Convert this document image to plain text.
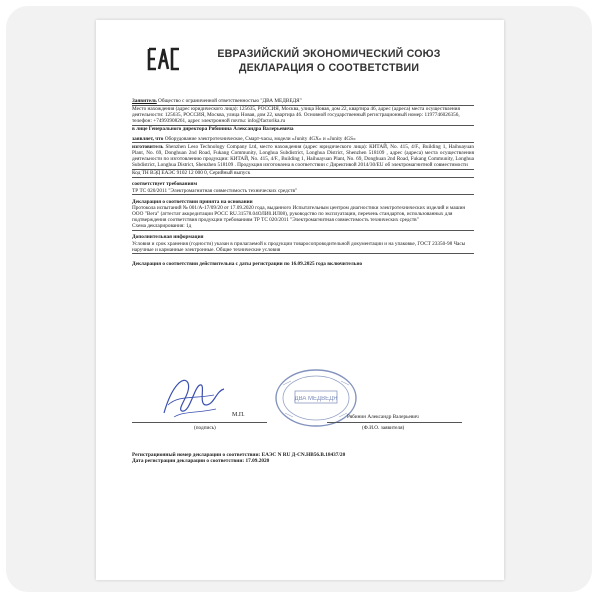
ЕВРАЗИЙСКИЙ ЭКОНОМИЧЕСКИЙ СОЮЗ
ДЕКЛАРАЦИЯ О СООТВЕТСТВИИ

Заявитель Общество с ограниченной ответственностью "ДВА МЕДВЕДЯ"

Место нахождения (адрес юридического лица): 125635, РОССИЯ, Москва, улица Новая, дом 22, квартира 46, адрес (адреса) места осуществления деятельности: 125635, РОССИЯ, Москва, улица Новая, дом 22, квартира 46. Основной государственный регистрационный номер: 1197746026356, телефон: +74993908261, адрес электронной почты: info@factorika.ru

в лице Генерального директора Рябинина Александра Валерьевича

заявляет, что Оборудование электротехническое, Смарт-часы, модели «Junity 4GX» и «Junity 4GS»

изготовитель Shenzhen Leso Technology Company Ltd, место нахождения (адрес юридического лица): КИТАЙ, No. 415, 4/F., Building 1, Haihuayuan Plant, No. 69, Donghuan 2nd Road, Fukang Community, Longhua Subdistrict, Longhua District, Shenzhen 518109 , адрес (адреса) места осуществления деятельности по изготовлению продукции: КИТАЙ, No. 415, 4/F., Building 1, Haihuayuan Plant, No. 69, Donghuan 2nd Road, Fukang Community, Longhua Subdistrict, Longhua District, Shenzhen 518109 . Продукция изготовлена в соответствии с Директивой 2014/30/EU об электромагнитной совместимости

Код ТН ВЭД ЕАЭС 9102 12 000 0, Серийный выпуск

соответствует требованиям

ТР ТС 020/2011 "Электромагнитная совместимость технических средств"

Декларация о соответствии принята на основании

Протокола испытаний № 001/А-17/09/20 от 17.09.2020 года, выданного Испытательным центром диагностики электротехнических изделий и машин ООО "Вега" (аттестат аккредитации РОСС RU.31578.04ОЛИ0.ИЛ08), руководство по эксплуатации, перечень стандартов, использованных для подтверждения соответствия продукции требованиям ТР ТС 020/2011 "Электромагнитная совместимость технических средств"

Схема декларирования: 1д

Дополнительная информация

Условия и срок хранения (годности) указан в прилагаемой к продукции товаросопроводительной документации и на упаковке, ГОСТ 23350-98 Часы наручные и карманные электронные. Общие технические условия

Декларация о соответствии действительна с даты регистрации по 16.09.2025 года включительно

ДВА МЕДВЕДЯ
М.П.
(подпись)
Рябинин Александр Валерьевич
(Ф.И.О. заявителя)

Регистрационный номер декларации о соответствии: ЕАЭС N RU Д-CN.НВ56.В.18437/20

Дата регистрации декларации о соответствии: 17.09.2020
